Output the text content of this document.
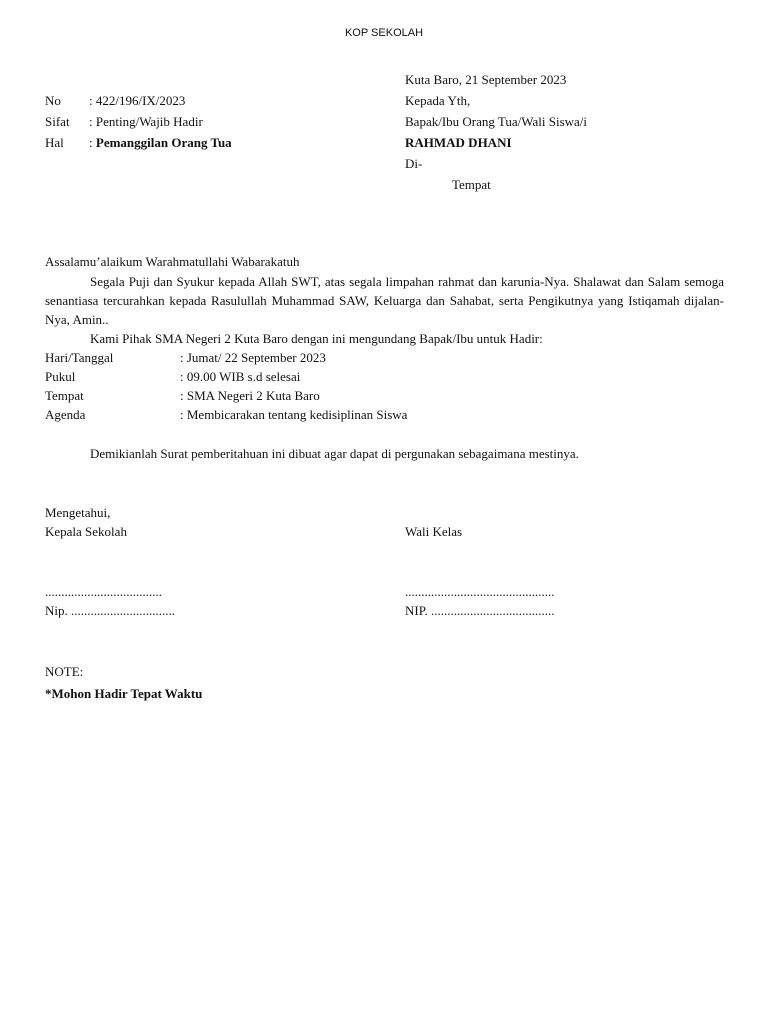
KOP SEKOLAH
No : 422/196/IX/2023
Sifat : Penting/Wajib Hadir
Hal : Pemanggilan Orang Tua
Kuta Baro, 21 September 2023
Kepada Yth,
Bapak/Ibu Orang Tua/Wali Siswa/i
RAHMAD DHANI
Di-
Tempat
Assalamu’alaikum Warahmatullahi Wabarakatuh

Segala Puji dan Syukur kepada Allah SWT, atas segala limpahan rahmat dan karunia-Nya. Shalawat dan Salam semoga senantiasa tercurahkan kepada Rasulullah Muhammad SAW, Keluarga dan Sahabat, serta Pengikutnya yang Istiqamah dijalan-Nya, Amin..

Kami Pihak SMA Negeri 2 Kuta Baro dengan ini mengundang Bapak/Ibu untuk Hadir:
Hari/Tanggal	: Jumat/ 22 September 2023
Pukul	: 09.00 WIB s.d selesai
Tempat	: SMA Negeri 2 Kuta Baro
Agenda	: Membicarakan tentang kedisiplinan Siswa
Demikianlah Surat pemberitahuan ini dibuat agar dapat di pergunakan sebagaimana mestinya.
Mengetahui,
Kepala Sekolah	Wali Kelas
....................................
Nip. ................................
..............................................
NIP. ......................................
NOTE:
*Mohon Hadir Tepat Waktu
